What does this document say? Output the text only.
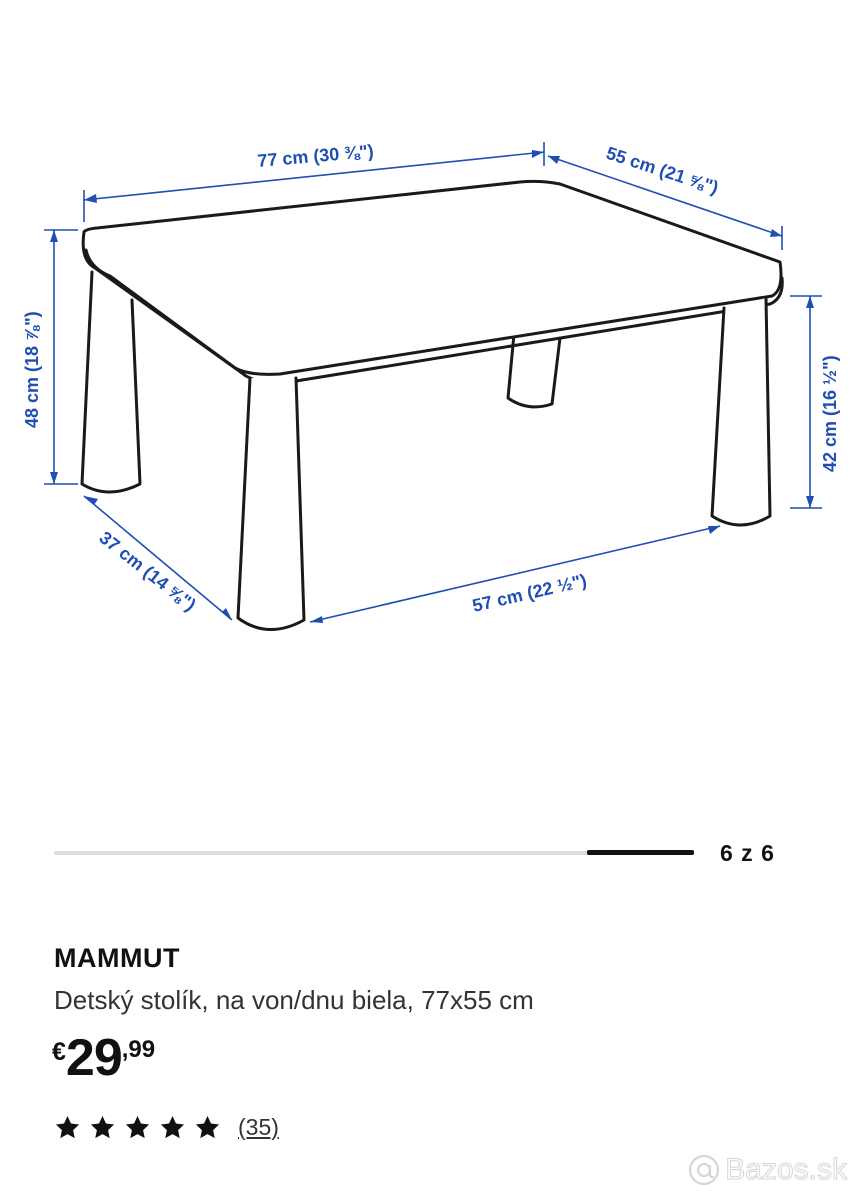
77 cm (30 ⅜")	55 cm (21 ⅝")
48 cm (18 ⅞")	42 cm (16 ½")
37 cm (14 ⅝")	57 cm (22 ½")
6 z 6
MAMMUT
Detský stolík, na von/dnu biela, 77x55 cm
€ 29 ,99
(35)
Bazos.sk
